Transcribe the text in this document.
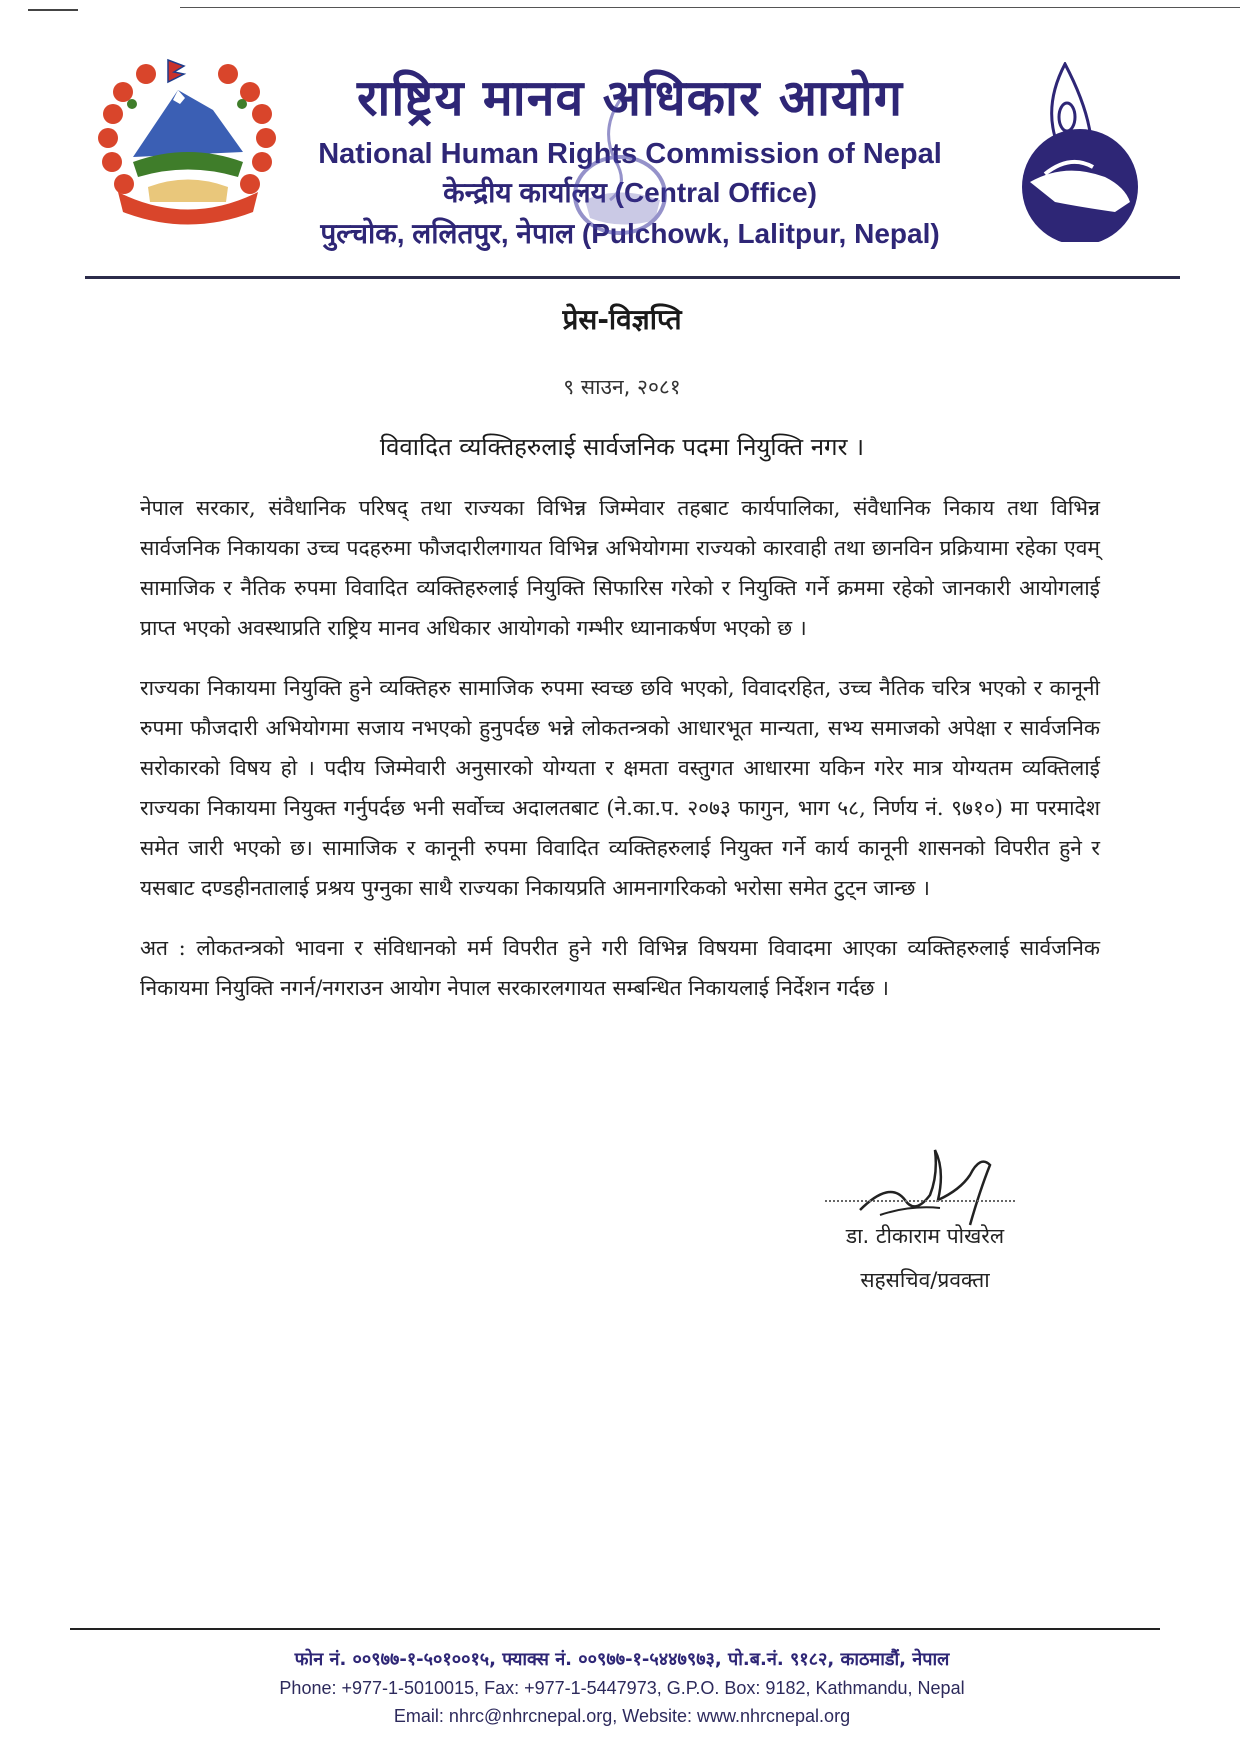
राष्ट्रिय मानव अधिकार आयोग
National Human Rights Commission of Nepal
केन्द्रीय कार्यालय (Central Office)
पुल्चोक, ललितपुर, नेपाल (Pulchowk, Lalitpur, Nepal)
प्रेस-विज्ञप्ति
९ साउन, २०८१
विवादित व्यक्तिहरुलाई सार्वजनिक पदमा नियुक्ति नगर ।

नेपाल सरकार, संवैधानिक परिषद् तथा राज्यका विभिन्न जिम्मेवार तहबाट कार्यपालिका, संवैधानिक निकाय तथा विभिन्न सार्वजनिक निकायका उच्च पदहरुमा फौजदारीलगायत विभिन्न अभियोगमा राज्यको कारवाही तथा छानविन प्रक्रियामा रहेका एवम् सामाजिक र नैतिक रुपमा विवादित व्यक्तिहरुलाई नियुक्ति सिफारिस गरेको र नियुक्ति गर्ने क्रममा रहेको जानकारी आयोगलाई प्राप्त भएको अवस्थाप्रति राष्ट्रिय मानव अधिकार आयोगको गम्भीर ध्यानाकर्षण भएको छ ।

राज्यका निकायमा नियुक्ति हुने व्यक्तिहरु सामाजिक रुपमा स्वच्छ छवि भएको, विवादरहित, उच्च नैतिक चरित्र भएको र कानूनी रुपमा फौजदारी अभियोगमा सजाय नभएको हुनुपर्दछ भन्ने लोकतन्त्रको आधारभूत मान्यता, सभ्य समाजको अपेक्षा र सार्वजनिक सरोकारको विषय हो । पदीय जिम्मेवारी अनुसारको योग्यता र क्षमता वस्तुगत आधारमा यकिन गरेर मात्र योग्यतम व्यक्तिलाई राज्यका निकायमा नियुक्त गर्नुपर्दछ भनी सर्वोच्च अदालतबाट (ने.का.प. २०७३ फागुन, भाग ५८, निर्णय नं. ९७१०) मा परमादेश समेत जारी भएको छ। सामाजिक र कानूनी रुपमा विवादित व्यक्तिहरुलाई नियुक्त गर्ने कार्य कानूनी शासनको विपरीत हुने र यसबाट दण्डहीनतालाई प्रश्रय पुग्नुका साथै राज्यका निकायप्रति आमनागरिकको भरोसा समेत टुट्न जान्छ ।

अत : लोकतन्त्रको भावना र संविधानको मर्म विपरीत हुने गरी विभिन्न विषयमा विवादमा आएका व्यक्तिहरुलाई सार्वजनिक निकायमा नियुक्ति नगर्न/नगराउन आयोग नेपाल सरकारलगायत सम्बन्धित निकायलाई निर्देशन गर्दछ ।

डा. टीकाराम पोखरेल
सहसचिव/प्रवक्ता
फोन नं. ००९७७-१-५०१००१५, फ्याक्स नं. ००९७७-१-५४४७९७३, पो.ब.नं. ९१८२, काठमाडौं, नेपाल
Phone: +977-1-5010015, Fax: +977-1-5447973, G.P.O. Box: 9182, Kathmandu, Nepal
Email: nhrc@nhrcnepal.org, Website: www.nhrcnepal.org
